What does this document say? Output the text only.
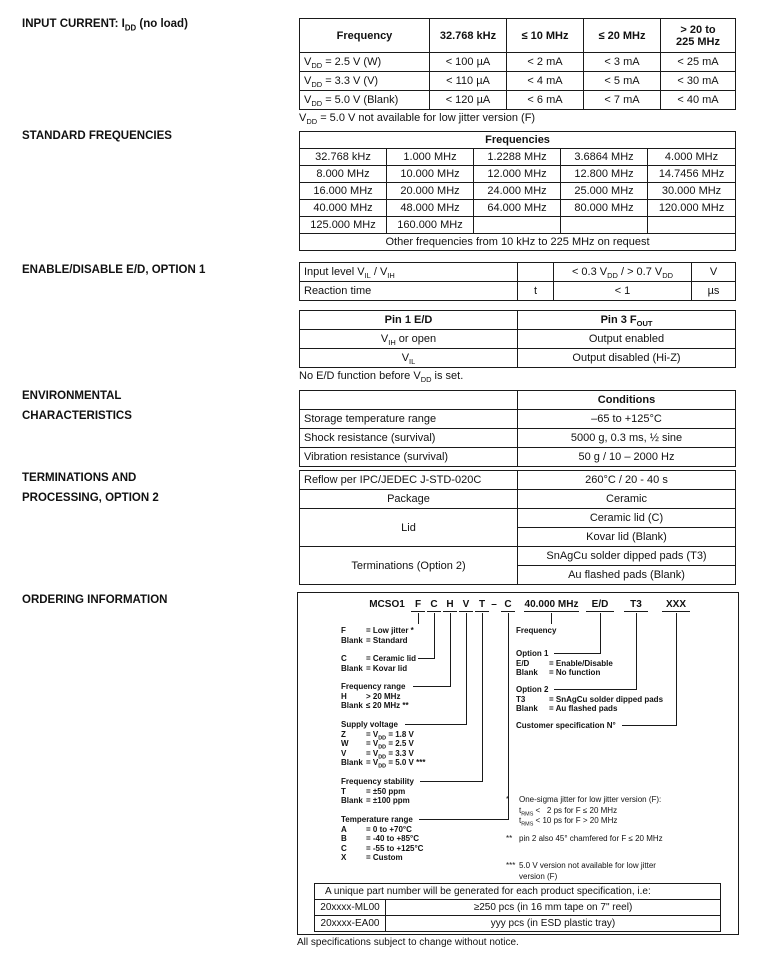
INPUT CURRENT: $I_{DD}$ (no load)
Frequency	32.768 kHz	≤ 10 MHz	≤ 20 MHz	> 20 to
225 MHz
$V_{DD} = 2.5$ V (W)	< 100 µA	< 2 mA	< 3 mA	< 25 mA
$V_{DD} = 3.3$ V (V)	< 110 µA	< 4 mA	< 5 mA	< 30 mA
$V_{DD} = 5.0$ V (Blank)	< 120 µA	< 6 mA	< 7 mA	< 40 mA
$V_{DD} = 5.0$ V not available for low jitter version (F)
STANDARD FREQUENCIES	Frequencies				
32.768 kHz	1.000 MHz	1.2288 MHz	3.6864 MHz	4.000 MHz
8.000 MHz	10.000 MHz	12.000 MHz	12.800 MHz	14.7456 MHz
16.000 MHz	20.000 MHz	24.000 MHz	25.000 MHz	30.000 MHz
40.000 MHz	48.000 MHz	64.000 MHz	80.000 MHz	120.000 MHz
125.000 MHz	160.000 MHz			
Other frequencies from 10 kHz to 225 MHz on request				
ENABLE/DISABLE E/D, OPTION 1	Input level $V_{IL} / V_{IH}$		< 0.3 $V_{DD}$ / > 0.7 $V_{DD}$	V
Reaction time	t	< 1	µs
Pin 1 E/D	Pin 3 $F_{OUT}$
$V_{IH}$ or open	Output enabled
$V_{IL}$	Output disabled (Hi-Z)
No E/D function before $V_{DD}$ is set.
ENVIRONMENTAL
CHARACTERISTICS
	Conditions
Storage temperature range	–65 to +125°C
Shock resistance (survival)	5000 g, 0.3 ms, ½ sine
Vibration resistance (survival)	50 g / 10 – 2000 Hz
TERMINATIONS AND
PROCESSING, OPTION 2
Reflow per IPC/JEDEC J-STD-020C	260°C / 20 - 40 s
Package	Ceramic
Lid	Ceramic lid (C)
	Kovar lid (Blank)
Terminations (Option 2)	SnAgCu solder dipped pads (T3)
	Au flashed pads (Blank)
ORDERING INFORMATION
A unique part number will be generated for each product specification, i.e:	
20xxxx-ML00	≥250 pcs (in 16 mm tape on 7" reel)
20xxxx-EA00	yyy pcs (in ESD plastic tray)
MCSO1	F C H V T – C	40.000 MHz	E/D	T3	XXX
F	= Low jitter *
Blank = Standard
C = Ceramic lid
Blank = Kovar lid
Frequency range
H > 20 MHz
Blank ≤ 20 MHz **
Supply voltage
Z	= $V_{DD} = 1.8$ V
$W = V_{DD} = 2.5$ V
$V = V_{DD} = 3.3$ V
Blank = $V_{DD} = 5.0$ V ***
Frequency stability
T	= ±50 ppm
Blank = ±100 ppm
Temperature range
A = 0 to +70°C
B = -40 to +85°C
C = -55 to +125°C
X = Custom
Frequency
Option 1
E/D = Enable/Disable
Blank = No function
Option 2
T3	= SnAgCu solder dipped pads
Blank = Au flashed pads
Customer specification N°
*	One-sigma jitter for low jitter version (F):
$t_{RMS} < 2$ ps for F ≤ 20 MHz
$t_{RMS} < 10$ ps for F > 20 MHz
** pin 2 also 45° chamfered for F ≤ 20 MHz
*** 5.0 V version not available for low jitter
version (F)
All specifications subject to change without notice.
